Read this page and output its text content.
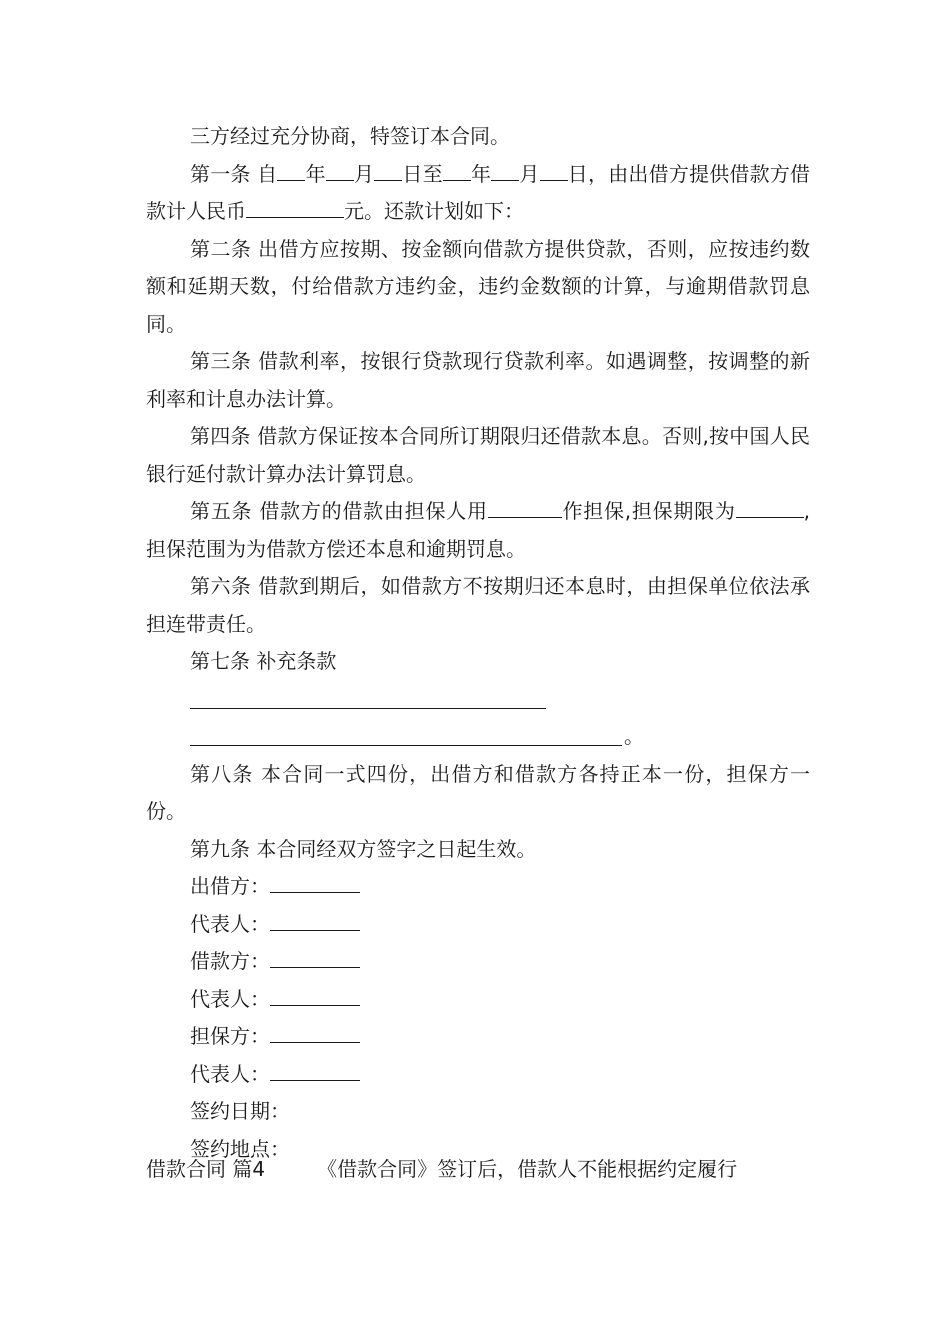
三方经过充分协商，特签订本合同。

第一条 自 年 月 日至 年 月 日，由出借方提供借款方借款计人民币	元。还款计划如下：

第二条 出借方应按期、按金额向借款方提供贷款，否则，应按违约数额和延期天数，付给借款方违约金，违约金数额的计算，与逾期借款罚息同。

第三条 借款利率，按银行贷款现行贷款利率。如遇调整，按调整的新利率和计息办法计算。

第四条 借款方保证按本合同所订期限归还借款本息。否则,按中国人民银行延付款计算办法计算罚息。

第五条 借款方的借款由担保人用	作担保,担保期限为	,担保范围为为借款方偿还本息和逾期罚息。

第六条 借款到期后，如借款方不按期归还本息时，由担保单位依法承担连带责任。

第七条 补充条款

。

第八条 本合同一式四份，出借方和借款方各持正本一份，担保方一份。

第九条 本合同经双方签字之日起生效。

出借方：

代表人：

借款方：

代表人：

担保方：

代表人：

签约日期：

签约地点：

借款合同 篇4	《借款合同》签订后，借款人不能根据约定履行
